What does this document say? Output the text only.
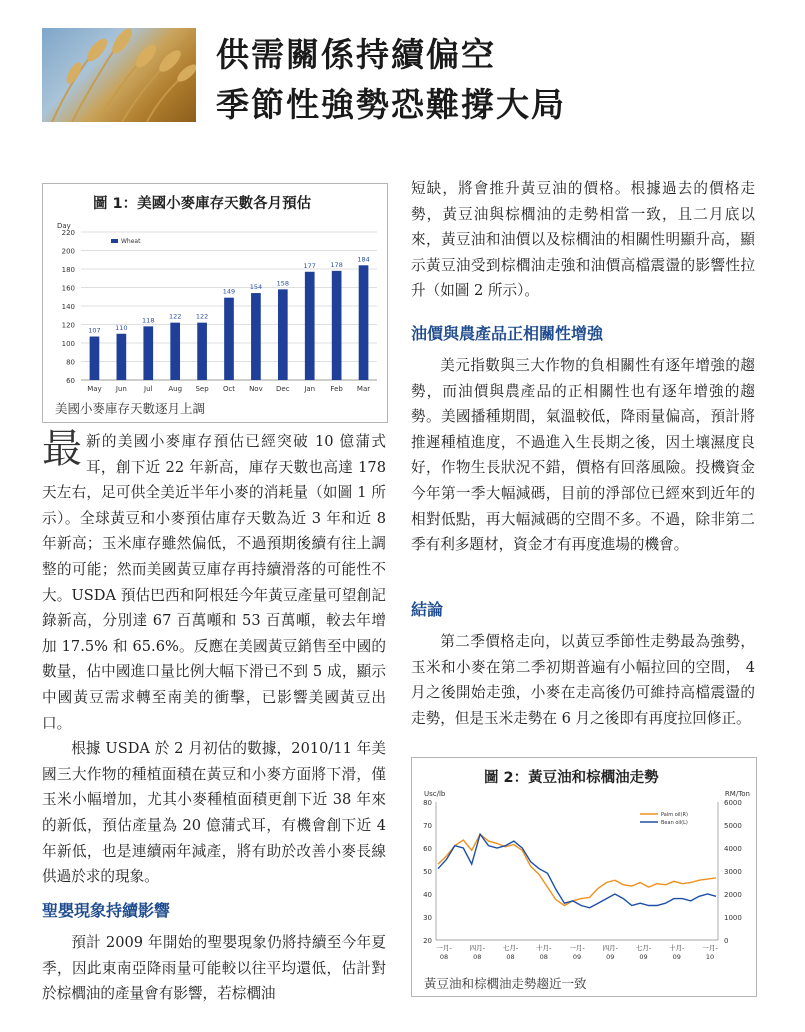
供需關係持續偏空
季節性強勢恐難撐大局
圖 1：美國小麥庫存天數各月預估
Day
60
80
100
120
140
160
180
200
220
Wheat
107
May
110
Jun
118
Jul
122
Aug
122
Sep
149
Oct
154
Nov
158
Dec
177
Jan
178
Feb
184
Mar
美國小麥庫存天數逐月上調
圖 2：黃豆油和棕櫚油走勢
Usc/lb	RM/Ton
20
30
40
50
60
70
80
0
1000
2000
3000
4000
5000
6000
一月-
08
四月-
08
七月-
08
十月-
08
一月-
09
四月-
09
七月-
09
十月-
09
一月-
10
Palm oil(R)
Bean oil(L)
黃豆油和棕櫚油走勢趨近一致

最新的美國小麥庫存預估已經突破 10 億蒲式耳，創下近 22 年新高，庫存天數也高達 178 天左右，足可供全美近半年小麥的消耗量（如圖 1 所示）。全球黃豆和小麥預估庫存天數為近 3 年和近 8 年新高；玉米庫存雖然偏低，不過預期後續有往上調整的可能；然而美國黃豆庫存再持續滑落的可能性不大。USDA 預估巴西和阿根廷今年黃豆產量可望創記錄新高，分別達 67 百萬噸和 53 百萬噸，較去年增加 17.5% 和 65.6%。反應在美國黃豆銷售至中國的數量，佔中國進口量比例大幅下滑已不到 5 成，顯示中國黃豆需求轉至南美的衝擊，已影響美國黃豆出口。

根據 USDA 於 2 月初估的數據，2010/11 年美國三大作物的種植面積在黃豆和小麥方面將下滑，僅玉米小幅增加，尤其小麥種植面積更創下近 38 年來的新低，預估產量為 20 億蒲式耳，有機會創下近 4 年新低，也是連續兩年減產，將有助於改善小麥長線供過於求的現象。

聖嬰現象持續影響

預計 2009 年開始的聖嬰現象仍將持續至今年夏季，因此東南亞降雨量可能較以往平均還低，估計對於棕櫚油的產量會有影響，若棕櫚油

短缺，將會推升黃豆油的價格。根據過去的價格走勢，黃豆油與棕櫚油的走勢相當一致，且二月底以來，黃豆油和油價以及棕櫚油的相關性明顯升高，顯示黃豆油受到棕櫚油走強和油價高檔震盪的影響性拉升（如圖 2 所示）。

油價與農產品正相關性增強

美元指數與三大作物的負相關性有逐年增強的趨勢，而油價與農產品的正相關性也有逐年增強的趨勢。美國播種期間，氣溫較低，降雨量偏高，預計將推遲種植進度，不過進入生長期之後，因土壤濕度良好，作物生長狀況不錯，價格有回落風險。投機資金今年第一季大幅減碼，目前的淨部位已經來到近年的相對低點，再大幅減碼的空間不多。不過，除非第二季有利多題材，資金才有再度進場的機會。

結論

第二季價格走向，以黃豆季節性走勢最為強勢，玉米和小麥在第二季初期普遍有小幅拉回的空間， 4 月之後開始走強，小麥在走高後仍可維持高檔震盪的走勢，但是玉米走勢在 6 月之後即有再度拉回修正。
